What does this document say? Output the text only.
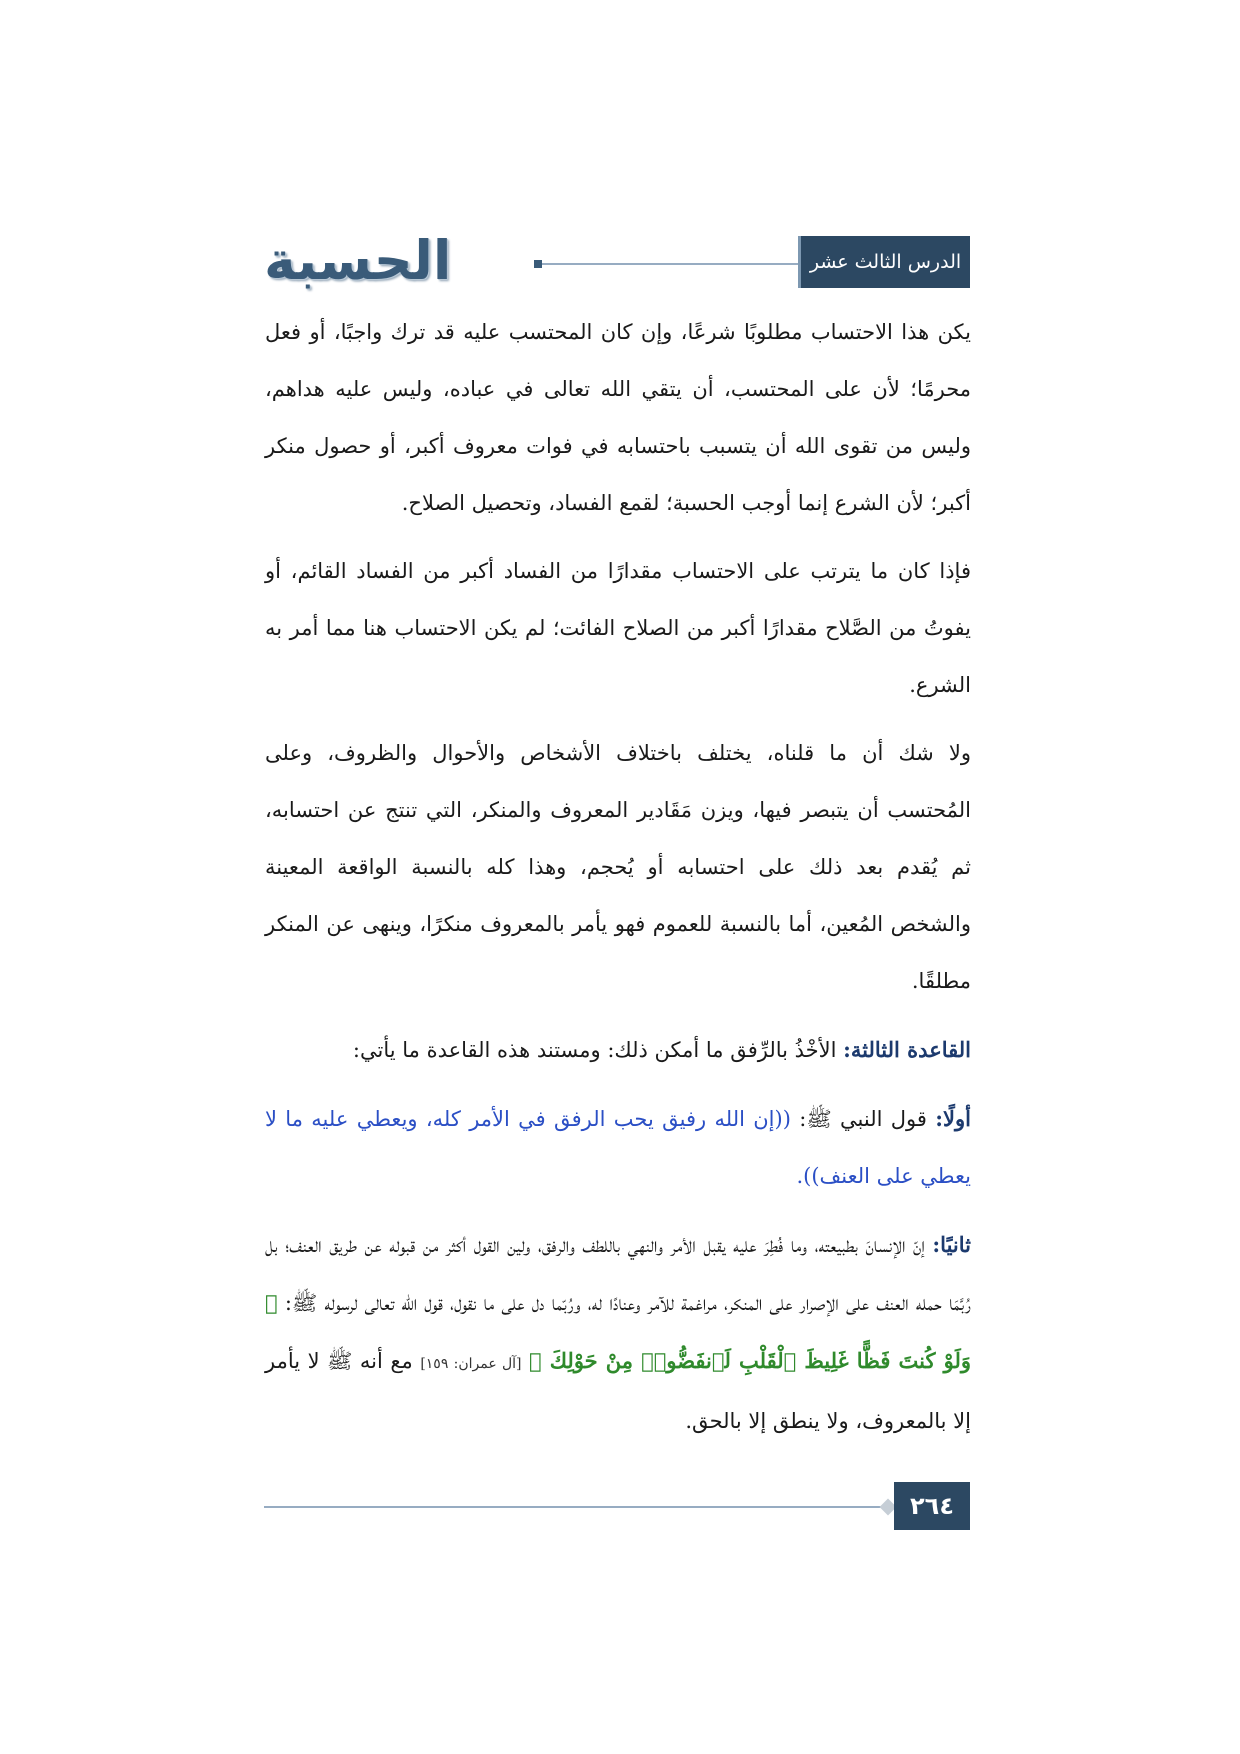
الحسبة	الدرس الثالث عشر

يكن هذا الاحتساب مطلوبًا شرعًا، وإن كان المحتسب عليه قد ترك واجبًا، أو فعل محرمًا؛ لأن على المحتسب، أن يتقي الله تعالى في عباده، وليس عليه هداهم، وليس من تقوى الله أن يتسبب باحتسابه في فوات معروف أكبر، أو حصول منكر أكبر؛ لأن الشرع إنما أوجب الحسبة؛ لقمع الفساد، وتحصيل الصلاح.

فإذا كان ما يترتب على الاحتساب مقدارًا من الفساد أكبر من الفساد القائم، أو يفوتُ من الصَّلاح مقدارًا أكبر من الصلاح الفائت؛ لم يكن الاحتساب هنا مما أمر به الشرع.

ولا شك أن ما قلناه، يختلف باختلاف الأشخاص والأحوال والظروف، وعلى المُحتسب أن يتبصر فيها، ويزن مَقَادير المعروف والمنكر، التي تنتج عن احتسابه، ثم يُقدم بعد ذلك على احتسابه أو يُحجم، وهذا كله بالنسبة الواقعة المعينة والشخص المُعين، أما بالنسبة للعموم فهو يأمر بالمعروف منكرًا، وينهى عن المنكر مطلقًا.

القاعدة الثالثة: الأخْذُ بالرِّفق ما أمكن ذلك: ومستند هذه القاعدة ما يأتي:

أولًا: قول النبي ﷺ: ((إن الله رفيق يحب الرفق في الأمر كله، ويعطي عليه ما لا يعطي على العنف)).

ثانيًا: إنّ الإنسانَ بطبيعته، وما فُطِرَ عليه يقبل الأمر والنهي باللطف والرفق، ولين القول أكثر من قبوله عن طريق العنف؛ بل رُبَّمَا حمله العنف على الإصرار على المنكر، مراغمة للآمر وعنادًا له، ورُبّما دل على ما نقول، قول الله تعالى لرسوله ﷺ: ﴿ وَلَوْ كُنتَ فَظًّا غَلِيظَ ٱلْقَلْبِ لَٱنفَضُّوا۟ مِنْ حَوْلِكَ ﴾ [آل عمران: ١٥٩] مع أنه ﷺ لا يأمر إلا بالمعروف، ولا ينطق إلا بالحق.

٢٦٤
